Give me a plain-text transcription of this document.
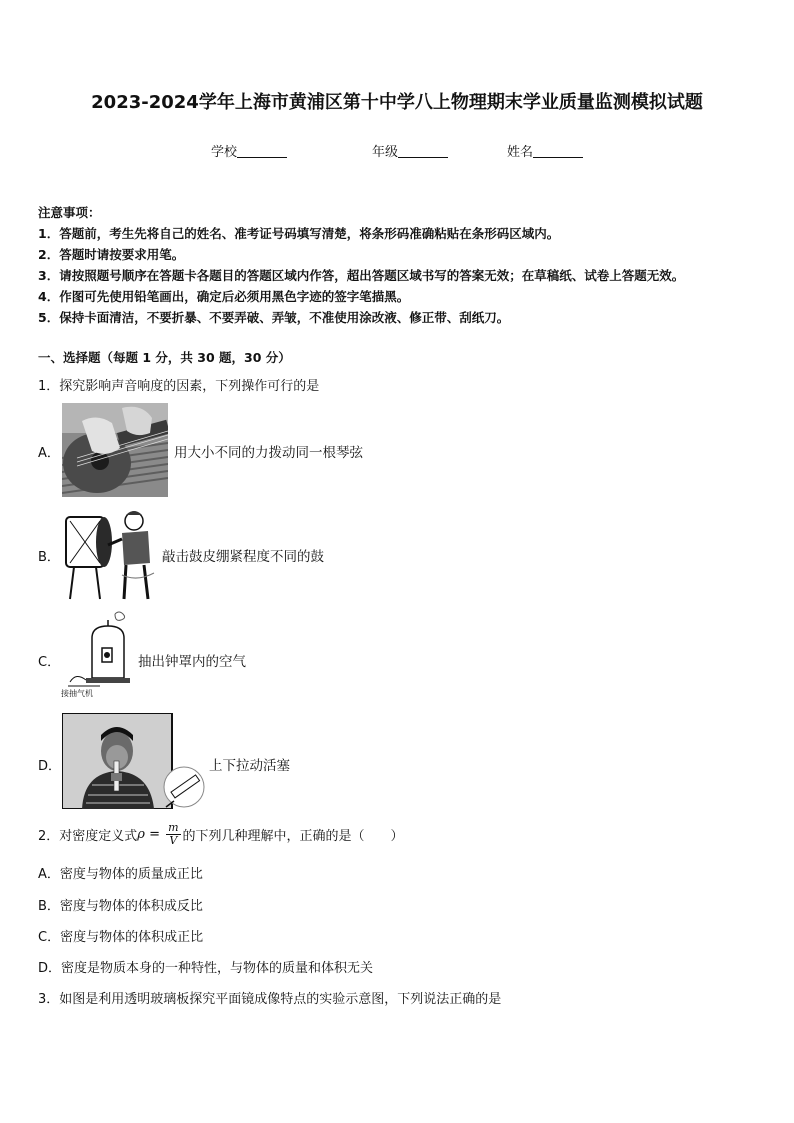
2023-2024学年上海市黄浦区第十中学八上物理期末学业质量监测模拟试题
学校	年级	姓名
注意事项：
1．答题前，考生先将自己的姓名、准考证号码填写清楚，将条形码准确粘贴在条形码区域内。
2．答题时请按要求用笔。
3．请按照题号顺序在答题卡各题目的答题区域内作答，超出答题区域书写的答案无效；在草稿纸、试卷上答题无效。
4．作图可先使用铅笔画出，确定后必须用黑色字迹的签字笔描黑。
5．保持卡面清洁，不要折暴、不要弄破、弄皱，不准使用涂改液、修正带、刮纸刀。
一、选择题（每题 1 分，共 30 题，30 分）
1．探究影响声音响度的因素，下列操作可行的是
A．	用大小不同的力拨动同一根琴弦
B．	敲击鼓皮绷紧程度不同的鼓
C．
接抽气机
抽出钟罩内的空气
D．	上下拉动活塞
2．对密度定义式 $\rho = \frac{m}{V}$ 的下列几种理解中，正确的是（　　）
A．密度与物体的质量成正比
B．密度与物体的体积成反比
C．密度与物体的体积成正比
D．密度是物质本身的一种特性，与物体的质量和体积无关
3．如图是利用透明玻璃板探究平面镜成像特点的实验示意图，下列说法正确的是
